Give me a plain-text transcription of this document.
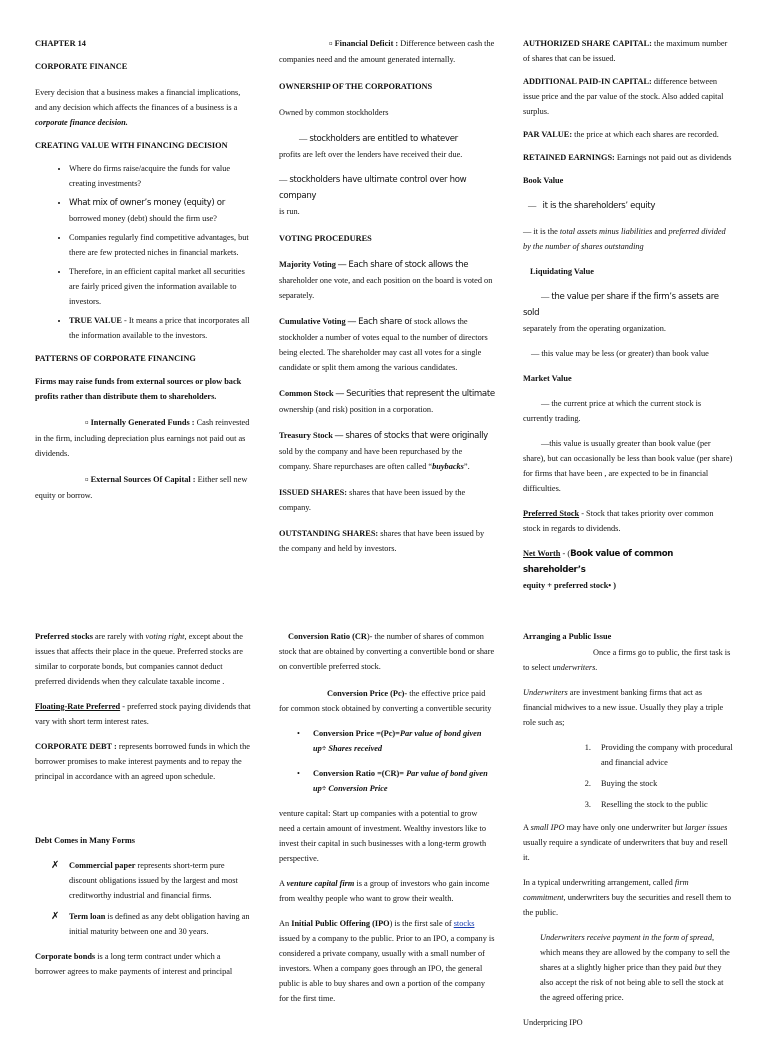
CHAPTER 14

CORPORATE FINANCE

Every decision that a business makes a financial implications, and any decision which affects the finances of a business is a corporate finance decision.

CREATING VALUE WITH FINANCING DECISION

• Where do firms raise/acquire the funds for value creating investments?
• What mix of owner’s money (equity) or borrowed money (debt) should the firm use?
• Companies regularly find competitive advantages, but there are few protected niches in financial markets.
• Therefore, in an efficient capital market all securities are fairly priced given the information available to investors.
• TRUE VALUE - It means a price that incorporates all the information available to the investors.

PATTERNS OF CORPORATE FINANCING

Firms may raise funds from external sources or plow back profits rather than distribute them to shareholders.

¤ Internally Generated Funds : Cash reinvested in the firm, including depreciation plus earnings not paid out as dividends.

¤ External Sources Of Capital : Either sell new equity or borrow.

¤ Financial Deficit : Difference between cash the companies need and the amount generated internally.

OWNERSHIP OF THE CORPORATIONS

Owned by common stockholders

— stockholders are entitled to whatever
profits are left over the lenders have received their due.

— stockholders have ultimate control over how company
is run.

VOTING PROCEDURES

Majority Voting — Each share of stock allows the shareholder one vote, and each position on the board is voted on separately.

Cumulative Voting — Each share of stock allows the stockholder a number of votes equal to the number of directors being elected. The shareholder may cast all votes for a single candidate or split them among the various candidates.

Common Stock — Securities that represent the ultimate ownership (and risk) position in a corporation.

Treasury Stock — shares of stocks that were originally sold by the company and have been repurchased by the company. Share repurchases are often called “buybacks”.

ISSUED SHARES: shares that have been issued by the company.

OUTSTANDING SHARES: shares that have been issued by the company and held by investors.

AUTHORIZED SHARE CAPITAL: the maximum number of shares that can be issued.

ADDITIONAL PAID-IN CAPITAL: difference between issue price and the par value of the stock. Also added capital surplus.

PAR VALUE: the price at which each shares are recorded.

RETAINED EARNINGS: Earnings not paid out as dividends

Book Value

— it is the shareholders’ equity

— it is the total assets minus liabilities and preferred divided by the number of shares outstanding

Liquidating Value

— the value per share if the firm’s assets are sold
separately from the operating organization.

— this value may be less (or greater) than book value

Market Value

— the current price at which the current stock is
currently trading.

—this value is usually greater than book value (per share), but can occasionally be less than book value (per share) for firms that have been , are expected to be in financial difficulties.

Preferred Stock - Stock that takes priority over common stock in regards to dividends.

Net Worth - (Book value of common shareholder’s
equity + preferred stock• )

Preferred stocks are rarely with voting right, except about the issues that affects their place in the queue. Preferred stocks are similar to corporate bonds, but companies cannot deduct preferred dividends when they calculate taxable income .

Floating-Rate Preferred - preferred stock paying dividends that vary with short term interest rates.

CORPORATE DEBT : represents borrowed funds in which the borrower promises to make interest payments and to repay the principal in accordance with an agreed upon schedule.

Debt Comes in Many Forms

✗	Commercial paper represents short-term pure discount obligations issued by the largest and most creditworthy industrial and financial firms.
✗	Term loan is defined as any debt obligation having an initial maturity between one and 30 years.

Corporate bonds is a long term contract under which a borrower agrees to make payments of interest and principal

Conversion Ratio (CR)- the number of shares of common stock that are obtained by converting a convertible bond or share on convertible preferred stock.

Conversion Price (Pc)- the effective price paid for common stock obtained by converting a convertible security

•	Conversion Price =(Pc)=Par value of bond given up÷ Shares received
•	Conversion Ratio =(CR)= Par value of bond given up÷ Conversion Price

venture capital: Start up companies with a potential to grow need a certain amount of investment. Wealthy investors like to invest their capital in such businesses with a long-term growth perspective.

A venture capital firm is a group of investors who gain income from wealthy people who want to grow their wealth.

An Initial Public Offering (IPO) is the first sale of stocks issued by a company to the public. Prior to an IPO, a company is considered a private company, usually with a small number of investors. When a company goes through an IPO, the general public is able to buy shares and own a portion of the company for the first time.

Arranging a Public Issue

Once a firms go to public, the first task is to select underwriters.

Underwriters are investment banking firms that act as financial midwives to a new issue. Usually they play a triple role such as;

1. Providing the company with procedural and financial advice
2. Buying the stock
3. Reselling the stock to the public

A small IPO may have only one underwriter but larger issues usually require a syndicate of underwriters that buy and resell it.

In a typical underwriting arrangement, called firm commitment, underwriters buy the securities and resell them to the public.

Underwriters receive payment in the form of spread, which means they are allowed by the company to sell the shares at a slightly higher price than they paid but they also accept the risk of not being able to sell the stock at the agreed offering price.

Underpricing IPO
